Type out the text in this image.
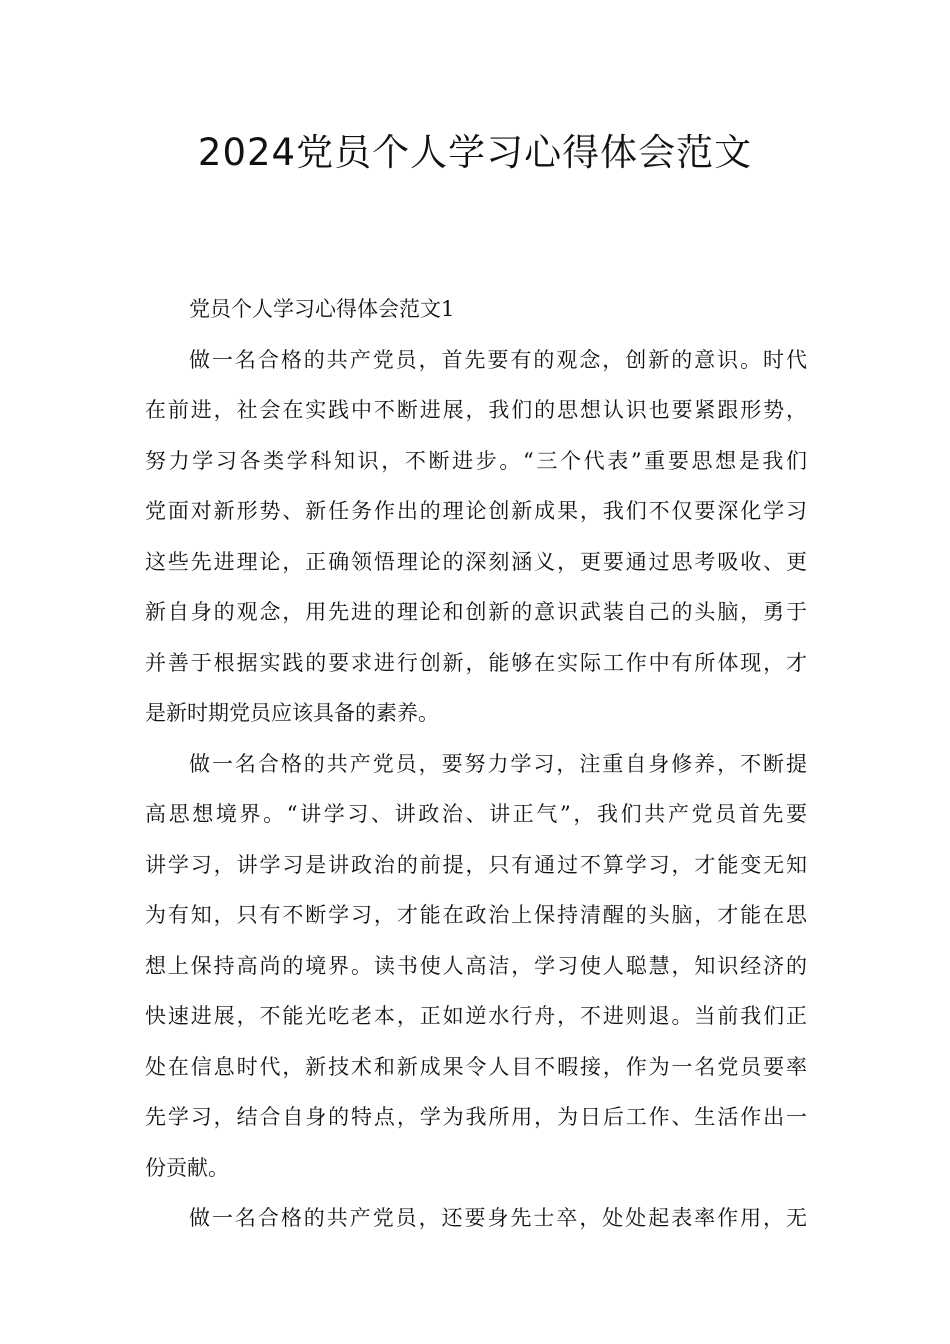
2024党员个人学习心得体会范文
党员个人学习心得体会范文1
做一名合格的共产党员，首先要有的观念，创新的意识。时代
在前进，社会在实践中不断进展，我们的思想认识也要紧跟形势，
努力学习各类学科知识，不断进步。“三个代表”重要思想是我们
党面对新形势、新任务作出的理论创新成果，我们不仅要深化学习
这些先进理论，正确领悟理论的深刻涵义，更要通过思考吸收、更
新自身的观念，用先进的理论和创新的意识武装自己的头脑，勇于
并善于根据实践的要求进行创新，能够在实际工作中有所体现，才
是新时期党员应该具备的素养。
做一名合格的共产党员，要努力学习，注重自身修养，不断提
高思想境界。“讲学习、讲政治、讲正气”，我们共产党员首先要
讲学习，讲学习是讲政治的前提，只有通过不算学习，才能变无知
为有知，只有不断学习，才能在政治上保持清醒的头脑，才能在思
想上保持高尚的境界。读书使人高洁，学习使人聪慧，知识经济的
快速进展，不能光吃老本，正如逆水行舟，不进则退。当前我们正
处在信息时代，新技术和新成果令人目不暇接，作为一名党员要率
先学习，结合自身的特点，学为我所用，为日后工作、生活作出一
份贡献。
做一名合格的共产党员，还要身先士卒，处处起表率作用，无
